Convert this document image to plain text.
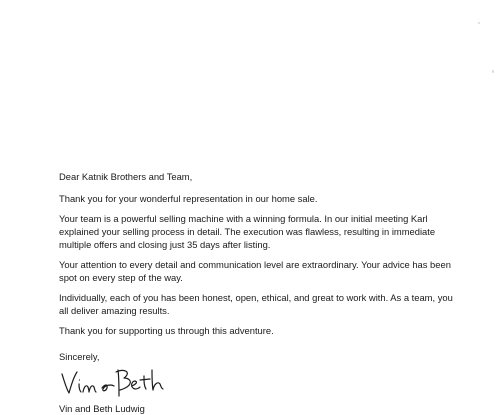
Dear Katnik Brothers and Team,

Thank you for your wonderful representation in our home sale.

Your team is a powerful selling machine with a winning formula. In our initial meeting Karl explained your selling process in detail. The execution was flawless, resulting in immediate multiple offers and closing just 35 days after listing.

Your attention to every detail and communication level are extraordinary. Your advice has been spot on every step of the way.

Individually, each of you has been honest, open, ethical, and great to work with. As a team, you all deliver amazing results.

Thank you for supporting us through this adventure.

Sincerely,
Vin and Beth Ludwig
